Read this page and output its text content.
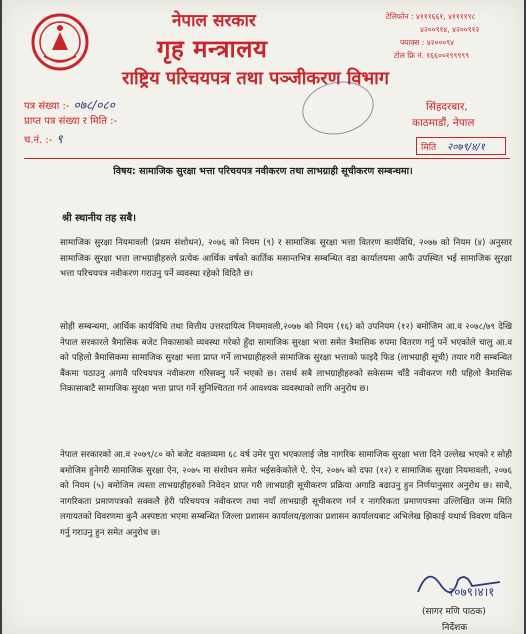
नेपाल सरकार
गृह मन्त्रालय
राष्ट्रिय परिचयपत्र तथा पञ्जीकरण विभाग
टेलिफोन : ४१११६६१, ४११११९८
४२००९१४, ४२००९१२
फ्याक्स : ४२०००९४
टोल फ्रि नं. १६६००१९९९९९
पत्र संख्या :- ०७८/०८०
प्राप्त पत्र संख्या र मिति :-
च.नं. :- ९
सिंहदरबार,
काठमाडौं, नेपाल
मिति २०७९/४/१
विषय: सामाजिक सुरक्षा भत्ता परिचयपत्र नवीकरण तथा लाभग्राही सूचीकरण सम्बन्धमा।
श्री स्थानीय तह सबै।
सामाजिक सुरक्षा नियमावली (प्रथम संशोधन), २०७६ को नियम (९) र सामाजिक सुरक्षा भत्ता वितरण कार्यविधि, २०७७ को नियम (४) अनुसार सामाजिक सुरक्षा भत्ता लाभग्राहीहरुले प्रत्येक आर्थिक वर्षको कार्तिक मसान्तभित्र सम्बन्धित वडा कार्यालयमा आफैं उपस्थित भई सामाजिक सुरक्षा भत्ता परिचयपत्र नवीकरण गराउनु पर्ने व्यवस्था रहेको विदितै छ।
सोही सम्बन्धमा, आर्थिक कार्यविधि तथा वित्तीय उत्तरदायित्व नियमावली,२०७७ को नियम (१६) को उपनियम (१२) बमोजिम आ.व २०७८/७९ देखि नेपाल सरकारले त्रैमासिक बजेट निकासाको व्यवस्था गरेको हुँदा सामाजिक सुरक्षा भत्ता समेत त्रैमासिक रुपमा वितरण गर्नु पर्ने भएकोले चालु आ.व को पहिलो त्रैमासिकमा सामाजिक सुरक्षा भत्ता प्राप्त गर्ने लाभग्राहीहरुले सामाजिक सुरक्षा भत्ताको फाइदै फिड (लाभग्राही सूची) तयार गरी सम्बन्धित बैंकमा पठाउनु अगावै परिचयपत्र नवीकरण गरिसक्नु पर्ने भएको छ। तसर्थ सबै लाभग्राहीहरुको सकेसम्म चाँडै नवीकरण गरी पहिलो त्रैमासिक निकासाबाटै सामाजिक सुरक्षा भत्ता प्राप्त गर्ने सुनिश्चितता गर्न आवश्यक व्यवस्थाको लागि अनुरोध छ।
नेपाल सरकारको आ.व २०७९/८० को बजेट वक्तव्यमा ६८ वर्ष उमेर पुरा भएकालाई जेष्ठ नागरिक सामाजिक सुरक्षा भत्ता दिने उल्लेख भएको र सोही बमोजिम हुनेगरी सामाजिक सुरक्षा ऐन, २०७५ मा संशोधन समेत भईसकेकोले ऐ. ऐन, २०७५ को दफा (१२) र सामाजिक सुरक्षा नियमावली, २०७६ को नियम (५) बमोजिम त्यस्ता लाभग्राहीहरुको निवेदन प्राप्त गरी लाभग्राही सूचीकरण प्रक्रिया अगाडि बढाउनु हुन निर्णयानुसार अनुरोध छ। साथै, नागरिकता प्रमाणपत्रको सक्कलै हेरी परिचयपत्र नवीकरण तथा नयाँ लाभग्राही सूचीकरण गर्न र नागरिकता प्रमाणपत्रमा उल्लिखित जन्म मिति लगायतको विवरणमा कुनै अस्पष्टता भएमा सम्बन्धित जिल्ला प्रशासन कार्यालय/इलाका प्रशासन कार्यालयबाट अभिलेख झिकाई यथार्थ विवरण यकिन गर्नु गराउनु हुन समेत अनुरोध छ।
२०७९।४।१
(सागर मणि पाठक)
निर्देशक
